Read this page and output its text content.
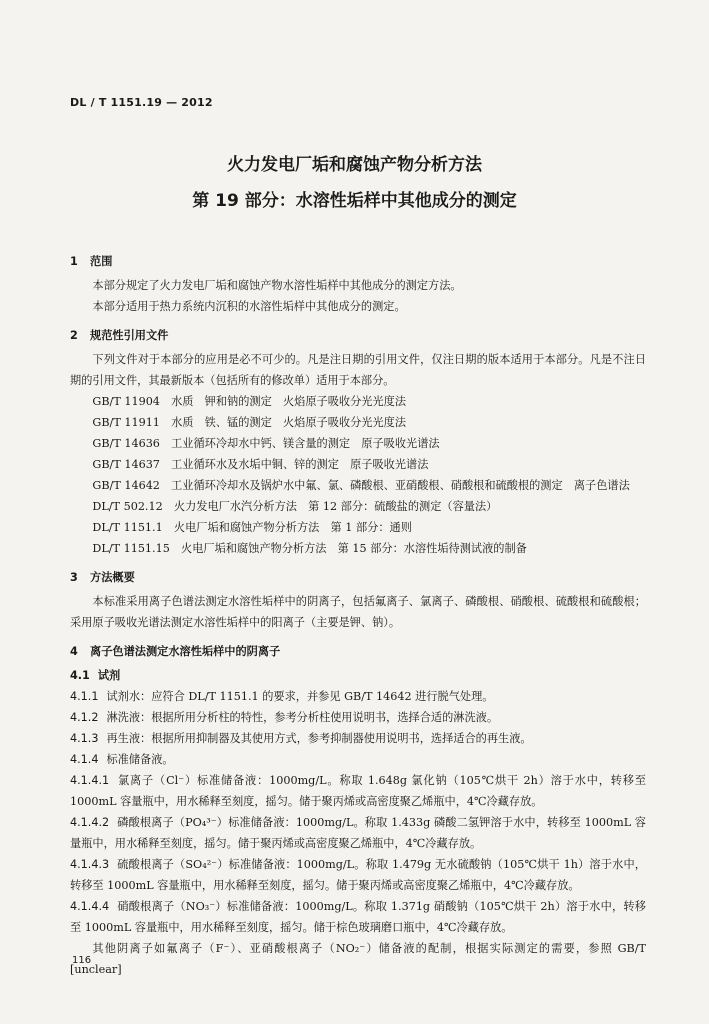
DL / T 1151.19 — 2012
火力发电厂垢和腐蚀产物分析方法
第 19 部分：水溶性垢样中其他成分的测定
1 范围

本部分规定了火力发电厂垢和腐蚀产物水溶性垢样中其他成分的测定方法。

本部分适用于热力系统内沉积的水溶性垢样中其他成分的测定。

2 规范性引用文件

下列文件对于本部分的应用是必不可少的。凡是注日期的引用文件，仅注日期的版本适用于本部分。凡是不注日期的引用文件，其最新版本（包括所有的修改单）适用于本部分。

GB/T 11904　水质　钾和钠的测定　火焰原子吸收分光光度法

GB/T 11911　水质　铁、锰的测定　火焰原子吸收分光光度法

GB/T 14636　工业循环冷却水中钙、镁含量的测定　原子吸收光谱法

GB/T 14637　工业循环水及水垢中铜、锌的测定　原子吸收光谱法

GB/T 14642　工业循环冷却水及锅炉水中氟、氯、磷酸根、亚硝酸根、硝酸根和硫酸根的测定　离子色谱法

DL/T 502.12　火力发电厂水汽分析方法　第 12 部分：硫酸盐的测定（容量法）

DL/T 1151.1　火电厂垢和腐蚀产物分析方法　第 1 部分：通则

DL/T 1151.15　火电厂垢和腐蚀产物分析方法　第 15 部分：水溶性垢待测试液的制备

3 方法概要

本标准采用离子色谱法测定水溶性垢样中的阴离子，包括氟离子、氯离子、磷酸根、硝酸根、硫酸根和硫酸根；采用原子吸收光谱法测定水溶性垢样中的阳离子（主要是钾、钠）。

4 离子色谱法测定水溶性垢样中的阴离子

4.1 试剂

4.1.1 试剂水：应符合 DL/T 1151.1 的要求，并参见 GB/T 14642 进行脱气处理。

4.1.2 淋洗液：根据所用分析柱的特性，参考分析柱使用说明书，选择合适的淋洗液。

4.1.3 再生液：根据所用抑制器及其使用方式，参考抑制器使用说明书，选择适合的再生液。

4.1.4 标准储备液。

4.1.4.1 氯离子（Cl⁻）标准储备液：1000mg/L。称取 1.648g 氯化钠（105℃烘干 2h）溶于水中，转移至 1000mL 容量瓶中，用水稀释至刻度，摇匀。储于聚丙烯或高密度聚乙烯瓶中，4℃冷藏存放。

4.1.4.2 磷酸根离子（PO₄³⁻）标准储备液：1000mg/L。称取 1.433g 磷酸二氢钾溶于水中，转移至 1000mL 容量瓶中，用水稀释至刻度，摇匀。储于聚丙烯或高密度聚乙烯瓶中，4℃冷藏存放。

4.1.4.3 硫酸根离子（SO₄²⁻）标准储备液：1000mg/L。称取 1.479g 无水硫酸钠（105℃烘干 1h）溶于水中，转移至 1000mL 容量瓶中，用水稀释至刻度，摇匀。储于聚丙烯或高密度聚乙烯瓶中，4℃冷藏存放。

4.1.4.4 硝酸根离子（NO₃⁻）标准储备液：1000mg/L。称取 1.371g 硝酸钠（105℃烘干 2h）溶于水中，转移至 1000mL 容量瓶中，用水稀释至刻度，摇匀。储于棕色玻璃磨口瓶中，4℃冷藏存放。

其他阴离子如氟离子（F⁻）、亚硝酸根离子（NO₂⁻）储备液的配制，根据实际测定的需要，参照 GB/T [unclear]

116
